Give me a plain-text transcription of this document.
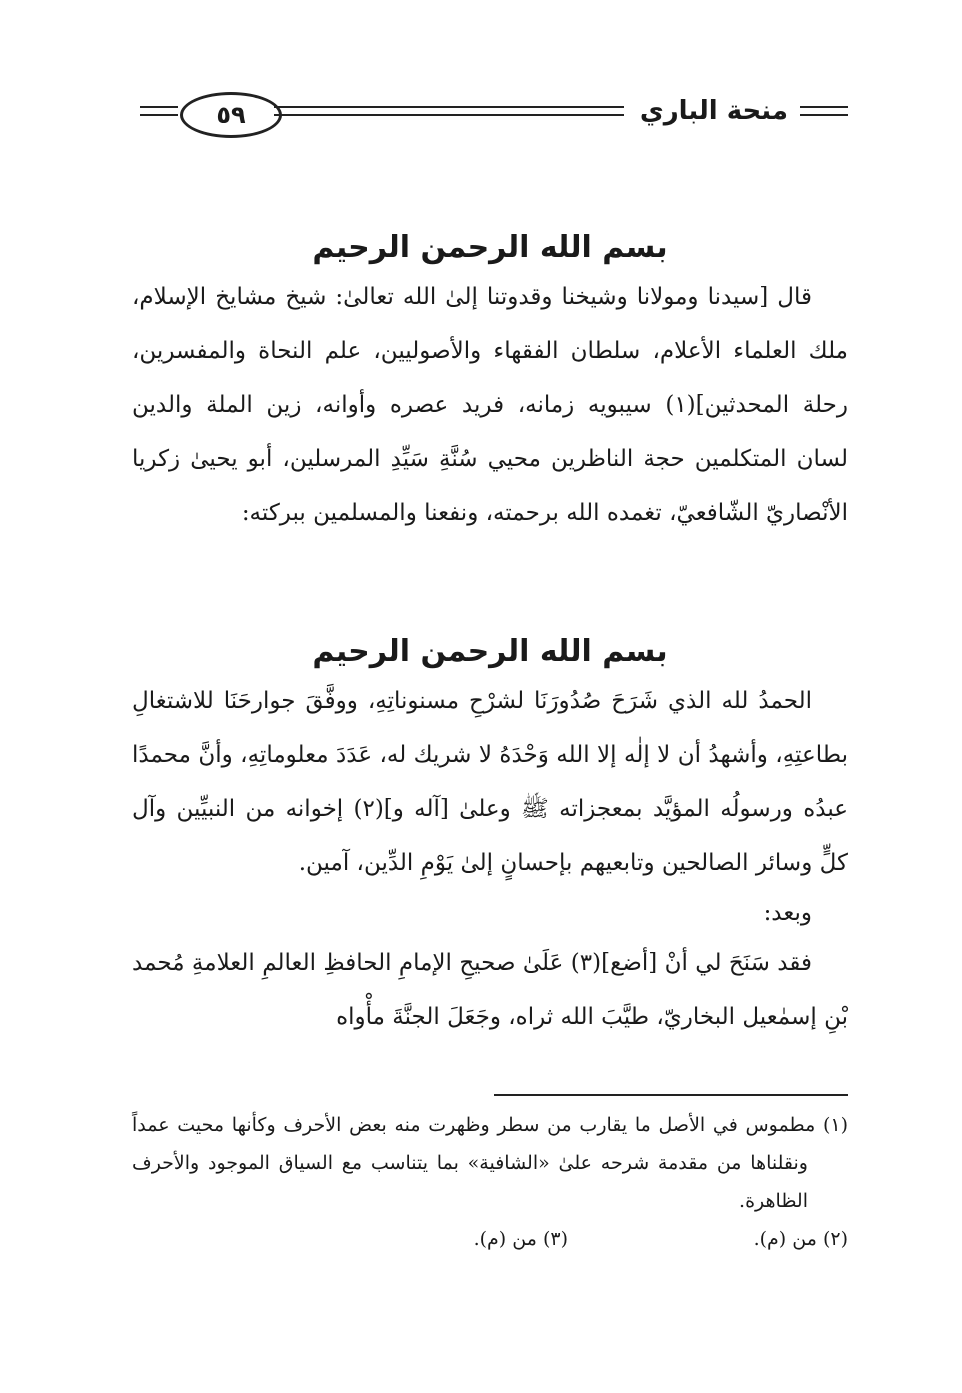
٥٩	منحة الباري
بسم الله الرحمن الرحيم

قال [سيدنا ومولانا وشيخنا وقدوتنا إلىٰ الله تعالىٰ: شيخ مشايخ الإسلام، ملك العلماء الأعلام، سلطان الفقهاء والأصوليين، علم النحاة والمفسرين، رحلة المحدثين](١) سيبويه زمانه، فريد عصره وأوانه، زين الملة والدين لسان المتكلمين حجة الناظرين محيي سُنَّةِ سَيِّدِ المرسلين، أبو يحيىٰ زكريا الأنْصاريّ الشّافعيّ، تغمده الله برحمته، ونفعنا والمسلمين ببركته:

بسم الله الرحمن الرحيم

الحمدُ لله الذي شَرَحَ صُدُورَنَا لشرْحِ مسنوناتِهِ، ووفَّقَ جوارحَنَا للاشتغالِ بطاعتِهِ، وأشهدُ أن لا إلٰه إلا الله وَحْدَهُ لا شريك له، عَدَدَ معلوماتِهِ، وأنَّ محمدًا عبدُه ورسولُه المؤيَّد بمعجزاته ﷺ وعلىٰ [آله و](٢) إخوانه من النبيِّين وآل كلٍّ وسائر الصالحين وتابعيهم بإحسانٍ إلىٰ يَوْمِ الدِّين، آمين.

وبعد:

فقد سَنَحَ لي أنْ [أضع](٣) عَلَىٰ صحيحِ الإمامِ الحافظِ العالمِ العلامةِ مُحمد بْنِ إسمٰعيل البخاريّ، طيَّبَ الله ثراه، وجَعَلَ الجنَّةَ مأْواه

(١) مطموس في الأصل ما يقارب من سطر وظهرت منه بعض الأحرف وكأنها محيت عمداً ونقلناها من مقدمة شرحه علىٰ «الشافية» بما يتناسب مع السياق الموجود والأحرف الظاهرة.
(٢) من (م).
(٣) من (م).
